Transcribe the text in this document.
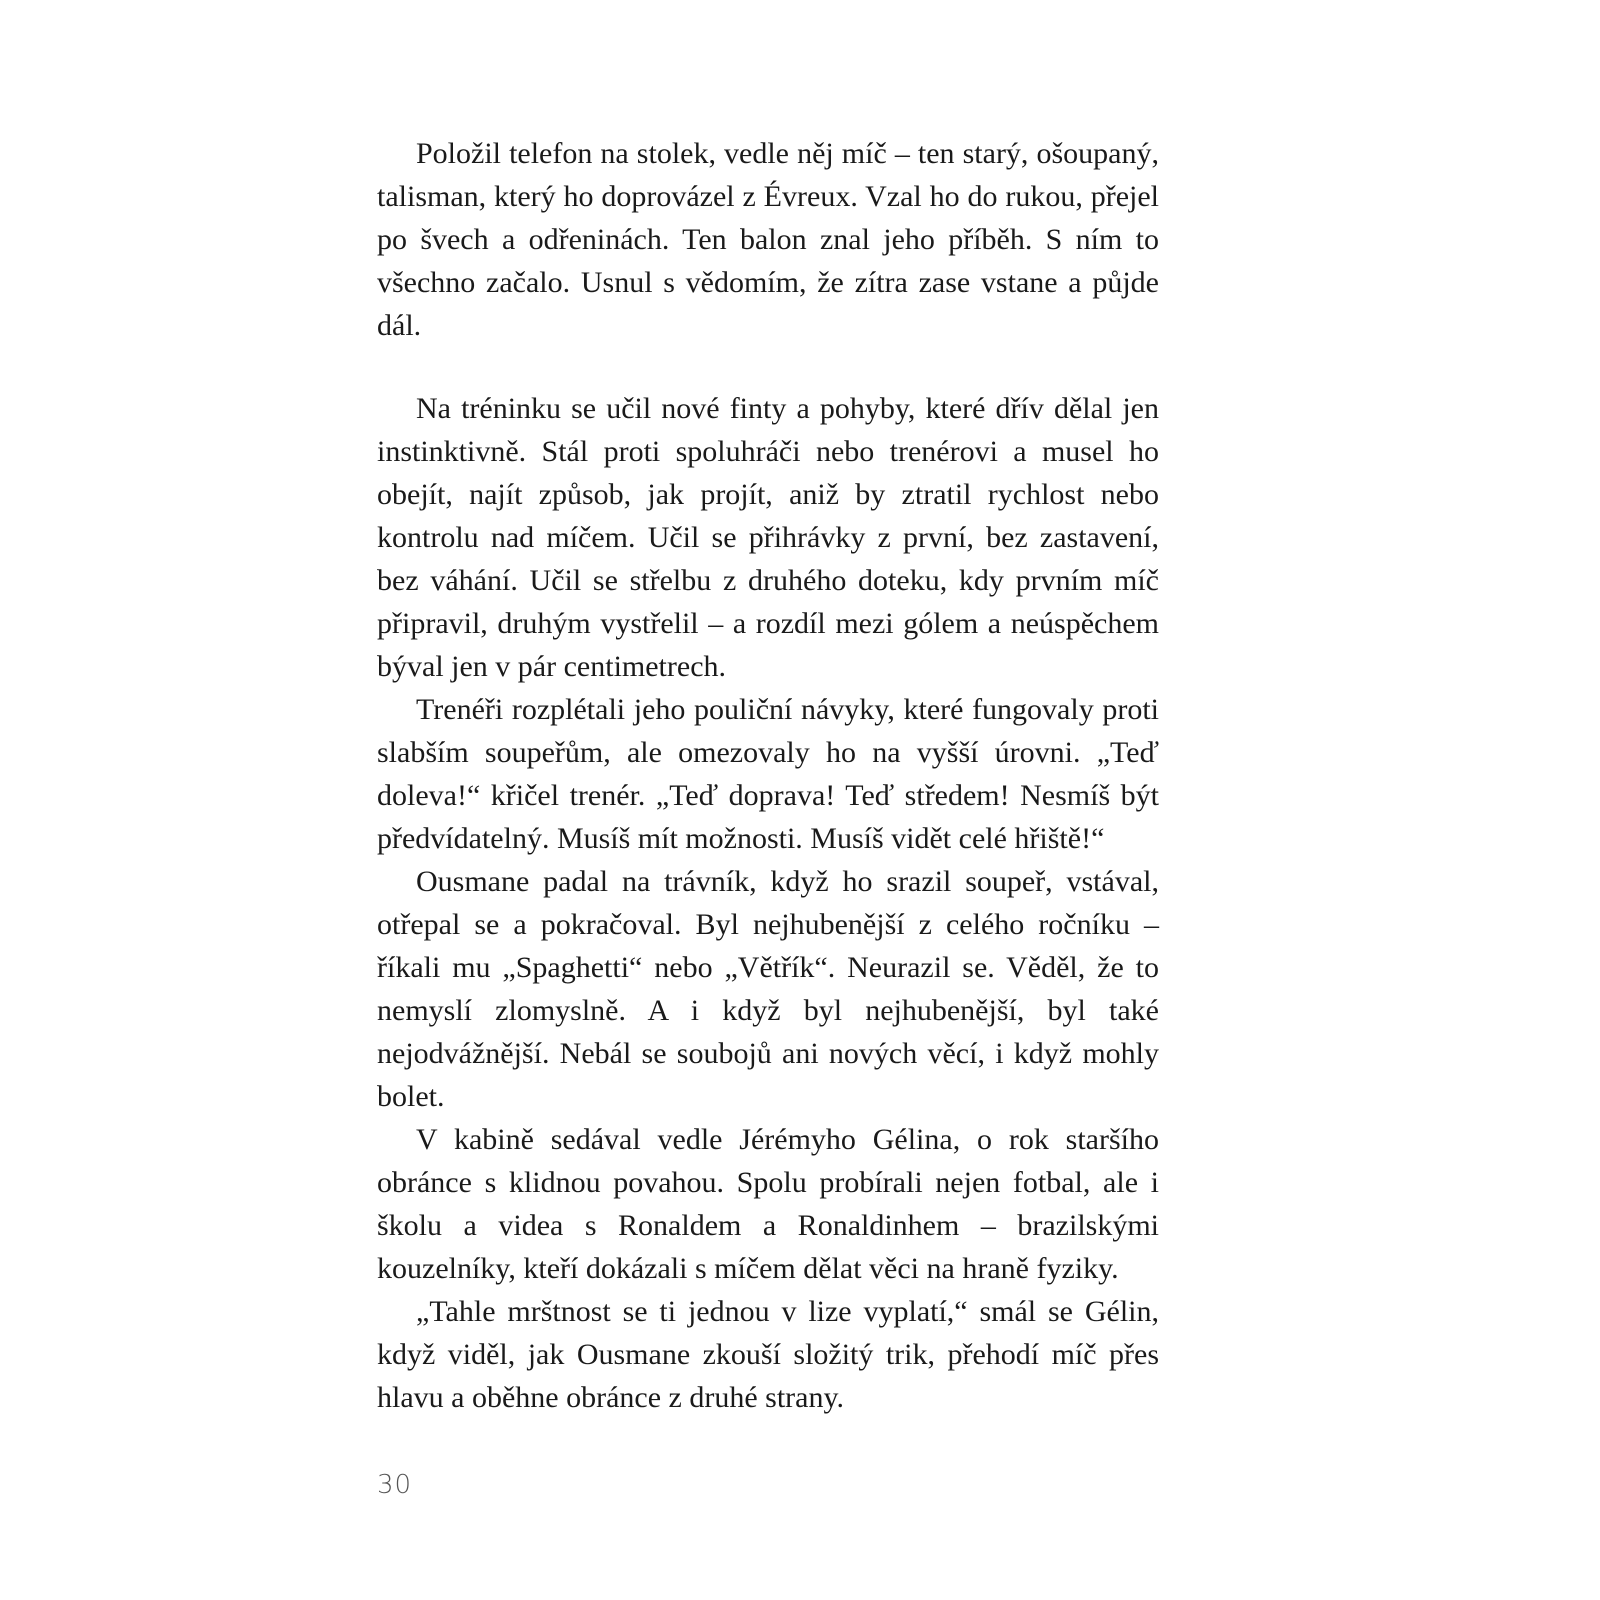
Položil telefon na stolek, vedle něj míč – ten starý, ošoupaný, talisman, který ho doprovázel z Évreux. Vzal ho do rukou, přejel po švech a odřeninách. Ten balon znal jeho příběh. S ním to všechno začalo. Usnul s vědomím, že zítra zase vstane a půjde dál.

Na tréninku se učil nové finty a pohyby, které dřív dělal jen instinktivně. Stál proti spoluhráči nebo trenérovi a musel ho obejít, najít způsob, jak projít, aniž by ztratil rychlost nebo kontrolu nad míčem. Učil se přihrávky z první, bez zastavení, bez váhání. Učil se střelbu z druhého doteku, kdy prvním míč připravil, druhým vystřelil – a rozdíl mezi gólem a neúspěchem býval jen v pár centimetrech.

Trenéři rozplétali jeho pouliční návyky, které fungovaly proti slabším soupeřům, ale omezovaly ho na vyšší úrovni. „Teď doleva!“ křičel trenér. „Teď doprava! Teď středem! Nesmíš být předvídatelný. Musíš mít možnosti. Musíš vidět celé hřiště!“

Ousmane padal na trávník, když ho srazil soupeř, vstával, otřepal se a pokračoval. Byl nejhubenější z celého ročníku – říkali mu „Spaghetti“ nebo „Větřík“. Neurazil se. Věděl, že to nemyslí zlomyslně. A i když byl nejhubenější, byl také nejodvážnější. Nebál se soubojů ani nových věcí, i když mohly bolet.

V kabině sedával vedle Jérémyho Gélina, o rok staršího obránce s klidnou povahou. Spolu probírali nejen fotbal, ale i školu a videa s Ronaldem a Ronaldinhem – brazilskými kouzelníky, kteří dokázali s míčem dělat věci na hraně fyziky.

„Tahle mrštnost se ti jednou v lize vyplatí,“ smál se Gélin, když viděl, jak Ousmane zkouší složitý trik, přehodí míč přes hlavu a oběhne obránce z druhé strany.

30
